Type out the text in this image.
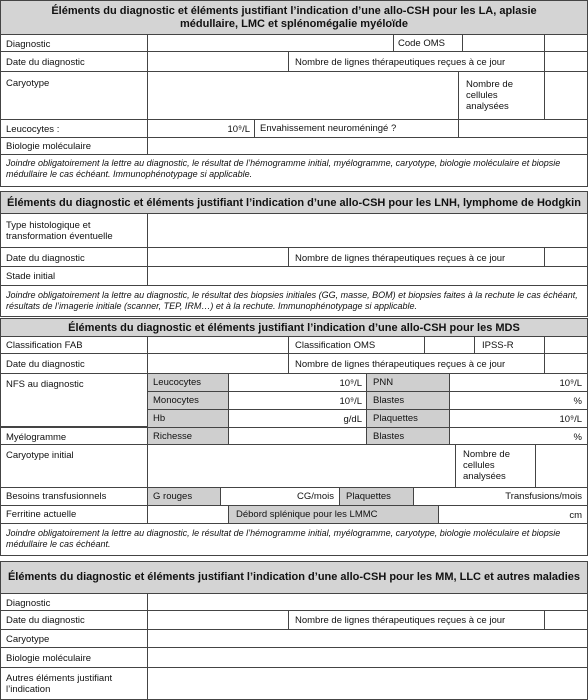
Éléments du diagnostic et éléments justifiant l’indication d’une allo-CSH pour les LA, aplasie médullaire, LMC et splénomégalie myéloïde
Diagnostic	Code OMS
Date du diagnostic	Nombre de lignes thérapeutiques reçues à ce jour
Caryotype	Nombre de cellules analysées
Leucocytes :	10⁹/L Envahissement neuroméningé ?
Biologie moléculaire
Joindre obligatoirement la lettre au diagnostic, le résultat de l’hémogramme initial, myélogramme, caryotype, biologie moléculaire et biopsie médullaire le cas échéant. Immunophénotypage si applicable.
Éléments du diagnostic et éléments justifiant l’indication d’une allo-CSH pour les LNH, lymphome de Hodgkin
Type histologique et transformation éventuelle
Date du diagnostic	Nombre de lignes thérapeutiques reçues à ce jour
Stade initial
Joindre obligatoirement la lettre au diagnostic, le résultat des biopsies initiales (GG, masse, BOM) et biopsies faites à la rechute le cas échéant, résultats de l’imagerie initiale (scanner, TEP, IRM…) et à la rechute. Immunophénotypage si applicable.
Éléments du diagnostic et éléments justifiant l’indication d’une allo-CSH pour les MDS
Classification FAB	Classification OMS	IPSS-R
Date du diagnostic	Nombre de lignes thérapeutiques reçues à ce jour
NFS au diagnostic	Leucocytes	10⁹/L PNN	10⁹/L
Monocytes	10⁹/L Blastes	%
Hb	g/dL Plaquettes	10⁹/L
Myélogramme	Richesse	Blastes	%
Caryotype initial	Nombre de cellules analysées
Besoins transfusionnels	G rouges	CG/mois Plaquettes	Transfusions/mois
Ferritine actuelle	Débord splénique pour les LMMC	cm
Joindre obligatoirement la lettre au diagnostic, le résultat de l’hémogramme initial, myélogramme, caryotype, biologie moléculaire et biopsie médullaire le cas échéant.
Éléments du diagnostic et éléments justifiant l’indication d’une allo-CSH pour les MM, LLC et autres maladies
Diagnostic
Date du diagnostic	Nombre de lignes thérapeutiques reçues à ce jour
Caryotype
Biologie moléculaire
Autres éléments justifiant l’indication
